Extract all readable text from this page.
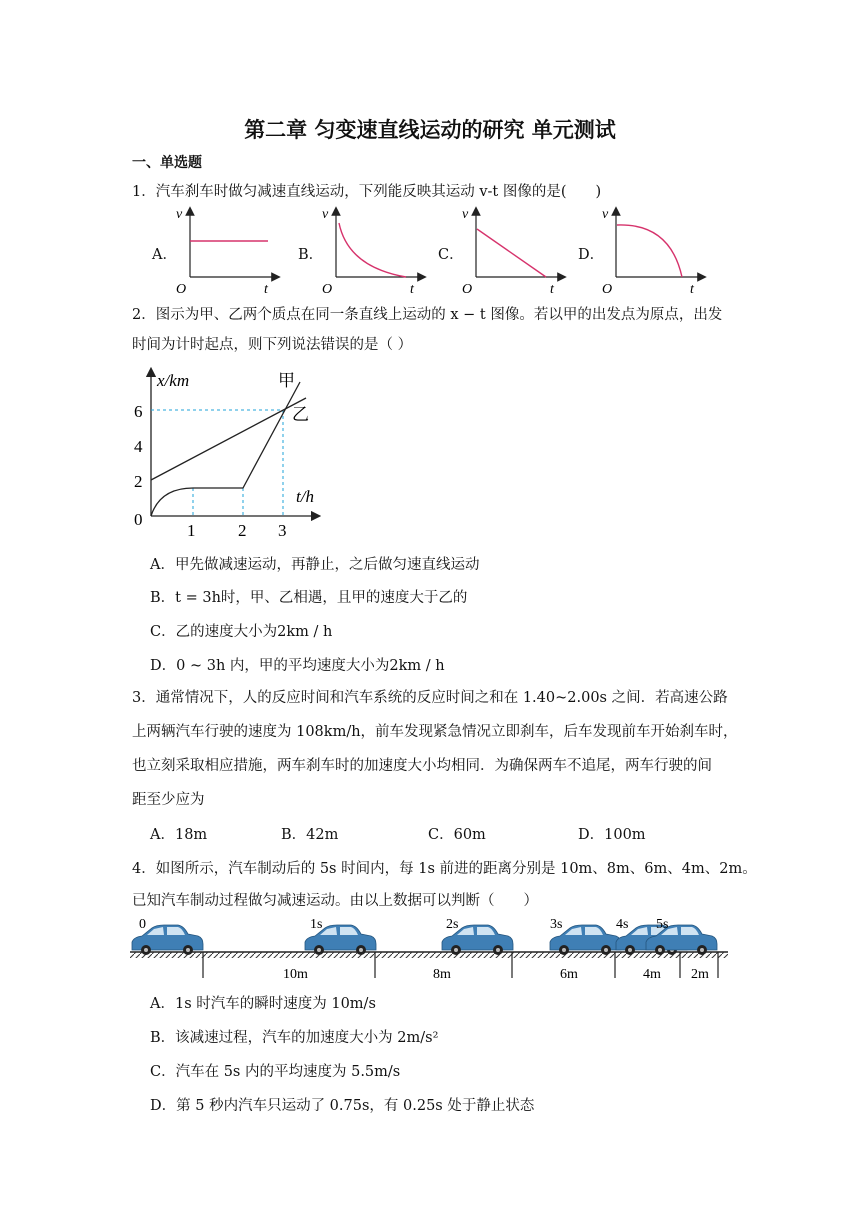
第二章 匀变速直线运动的研究 单元测试
一、单选题
1．汽车刹车时做匀减速直线运动，下列能反映其运动 v-t 图像的是(　　)
A．	B．	C．	D．
v
t
O
v
t
O
v
t
O
v
t
O
2．图示为甲、乙两个质点在同一条直线上运动的 x − t 图像。若以甲的出发点为原点，出发
时间为计时起点，则下列说法错误的是（ ）
x/km
t/h
6
4
2
0
1	2 3
甲
乙
A．甲先做减速运动，再静止，之后做匀速直线运动
B．t = 3h时，甲、乙相遇，且甲的速度大于乙的
C．乙的速度大小为2km / h
D．0 ~ 3h 内，甲的平均速度大小为2km / h
3．通常情况下，人的反应时间和汽车系统的反应时间之和在 1.40~2.00s 之间．若高速公路
上两辆汽车行驶的速度为 108km/h，前车发现紧急情况立即刹车，后车发现前车开始刹车时，
也立刻采取相应措施，两车刹车时的加速度大小均相同．为确保两车不追尾，两车行驶的间
距至少应为
A．18m	B．42m	C．60m	D．100m
4．如图所示，汽车制动后的 5s 时间内，每 1s 前进的距离分别是 10m、8m、6m、4m、2m。
已知汽车制动过程做匀减速运动。由以上数据可以判断（　　）
0	1s	2s	3s	4s 5s
10m	8m	6m	4m 2m
A．1s 时汽车的瞬时速度为 10m/s
B．该减速过程，汽车的加速度大小为 2m/s²
C．汽车在 5s 内的平均速度为 5.5m/s
D．第 5 秒内汽车只运动了 0.75s，有 0.25s 处于静止状态
